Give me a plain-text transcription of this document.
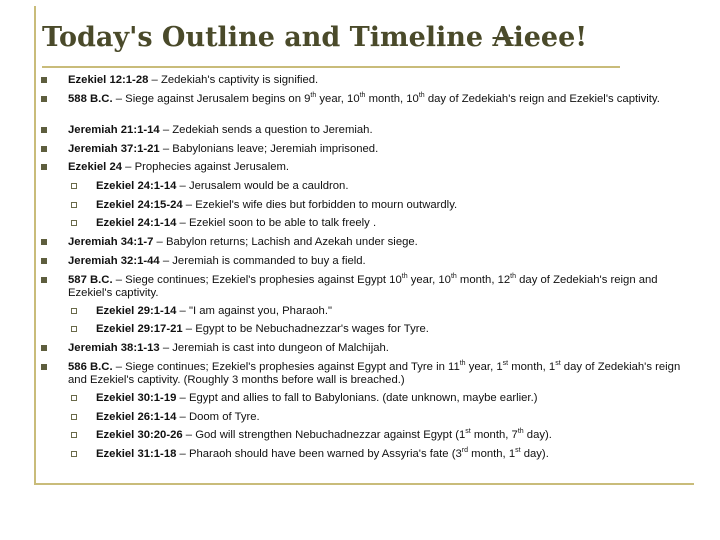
Today's Outline and Timeline Aieee!
Ezekiel 12:1-28 – Zedekiah's captivity is signified.
588 B.C. – Siege against Jerusalem begins on 9th year, 10th month, 10th day of Zedekiah's reign and Ezekiel's captivity.
Jeremiah 21:1-14 – Zedekiah sends a question to Jeremiah.
Jeremiah 37:1-21 – Babylonians leave; Jeremiah imprisoned.
Ezekiel 24 – Prophecies against Jerusalem.
Ezekiel 24:1-14 – Jerusalem would be a cauldron.
Ezekiel 24:15-24 – Ezekiel's wife dies but forbidden to mourn outwardly.
Ezekiel 24:1-14 – Ezekiel soon to be able to talk freely .
Jeremiah 34:1-7 – Babylon returns; Lachish and Azekah under siege.
Jeremiah 32:1-44 – Jeremiah is commanded to buy a field.
587 B.C. – Siege continues; Ezekiel's prophesies against Egypt 10th year, 10th month, 12th day of Zedekiah's reign and Ezekiel's captivity.
Ezekiel 29:1-14 – "I am against you, Pharaoh."
Ezekiel 29:17-21 – Egypt to be Nebuchadnezzar's wages for Tyre.
Jeremiah 38:1-13 – Jeremiah is cast into dungeon of Malchijah.
586 B.C. – Siege continues; Ezekiel's prophesies against Egypt and Tyre in 11th year, 1st month, 1st day of Zedekiah's reign and Ezekiel's captivity. (Roughly 3 months before wall is breached.)
Ezekiel 30:1-19 – Egypt and allies to fall to Babylonians. (date unknown, maybe earlier.)
Ezekiel 26:1-14 – Doom of Tyre.
Ezekiel 30:20-26 – God will strengthen Nebuchadnezzar against Egypt (1st month, 7th day).
Ezekiel 31:1-18 – Pharaoh should have been warned by Assyria's fate (3rd month, 1st day).
